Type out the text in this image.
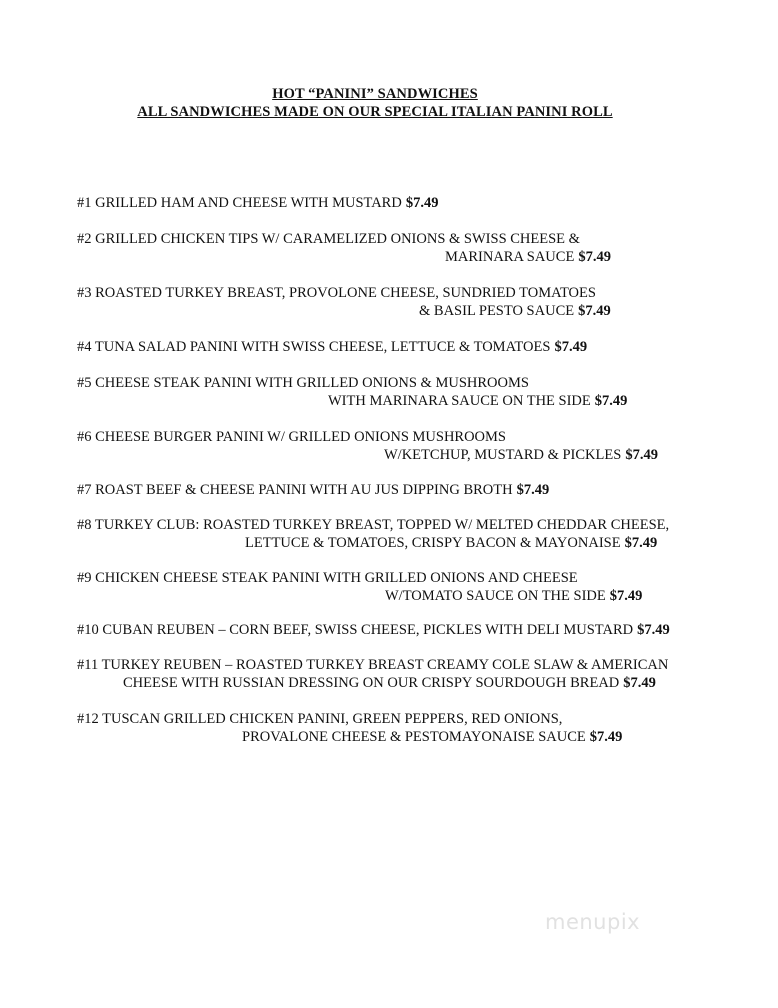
HOT “PANINI” SANDWICHES
ALL SANDWICHES MADE ON OUR SPECIAL ITALIAN PANINI ROLL
#1 GRILLED HAM AND CHEESE WITH MUSTARD $7.49
#2 GRILLED CHICKEN TIPS W/ CARAMELIZED ONIONS & SWISS CHEESE &
MARINARA SAUCE $7.49
#3 ROASTED TURKEY BREAST, PROVOLONE CHEESE, SUNDRIED TOMATOES
& BASIL PESTO SAUCE $7.49
#4 TUNA SALAD PANINI WITH SWISS CHEESE, LETTUCE & TOMATOES $7.49
#5 CHEESE STEAK PANINI WITH GRILLED ONIONS & MUSHROOMS
WITH MARINARA SAUCE ON THE SIDE $7.49
#6 CHEESE BURGER PANINI W/ GRILLED ONIONS MUSHROOMS
W/KETCHUP, MUSTARD & PICKLES $7.49
#7 ROAST BEEF & CHEESE PANINI WITH AU JUS DIPPING BROTH $7.49
#8 TURKEY CLUB: ROASTED TURKEY BREAST, TOPPED W/ MELTED CHEDDAR CHEESE,
LETTUCE & TOMATOES, CRISPY BACON & MAYONAISE $7.49
#9 CHICKEN CHEESE STEAK PANINI WITH GRILLED ONIONS AND CHEESE
W/TOMATO SAUCE ON THE SIDE $7.49
#10 CUBAN REUBEN – CORN BEEF, SWISS CHEESE, PICKLES WITH DELI MUSTARD $7.49
#11 TURKEY REUBEN – ROASTED TURKEY BREAST CREAMY COLE SLAW & AMERICAN
CHEESE WITH RUSSIAN DRESSING ON OUR CRISPY SOURDOUGH BREAD $7.49
#12 TUSCAN GRILLED CHICKEN PANINI, GREEN PEPPERS, RED ONIONS,
PROVALONE CHEESE & PESTOMAYONAISE SAUCE $7.49
menupix
